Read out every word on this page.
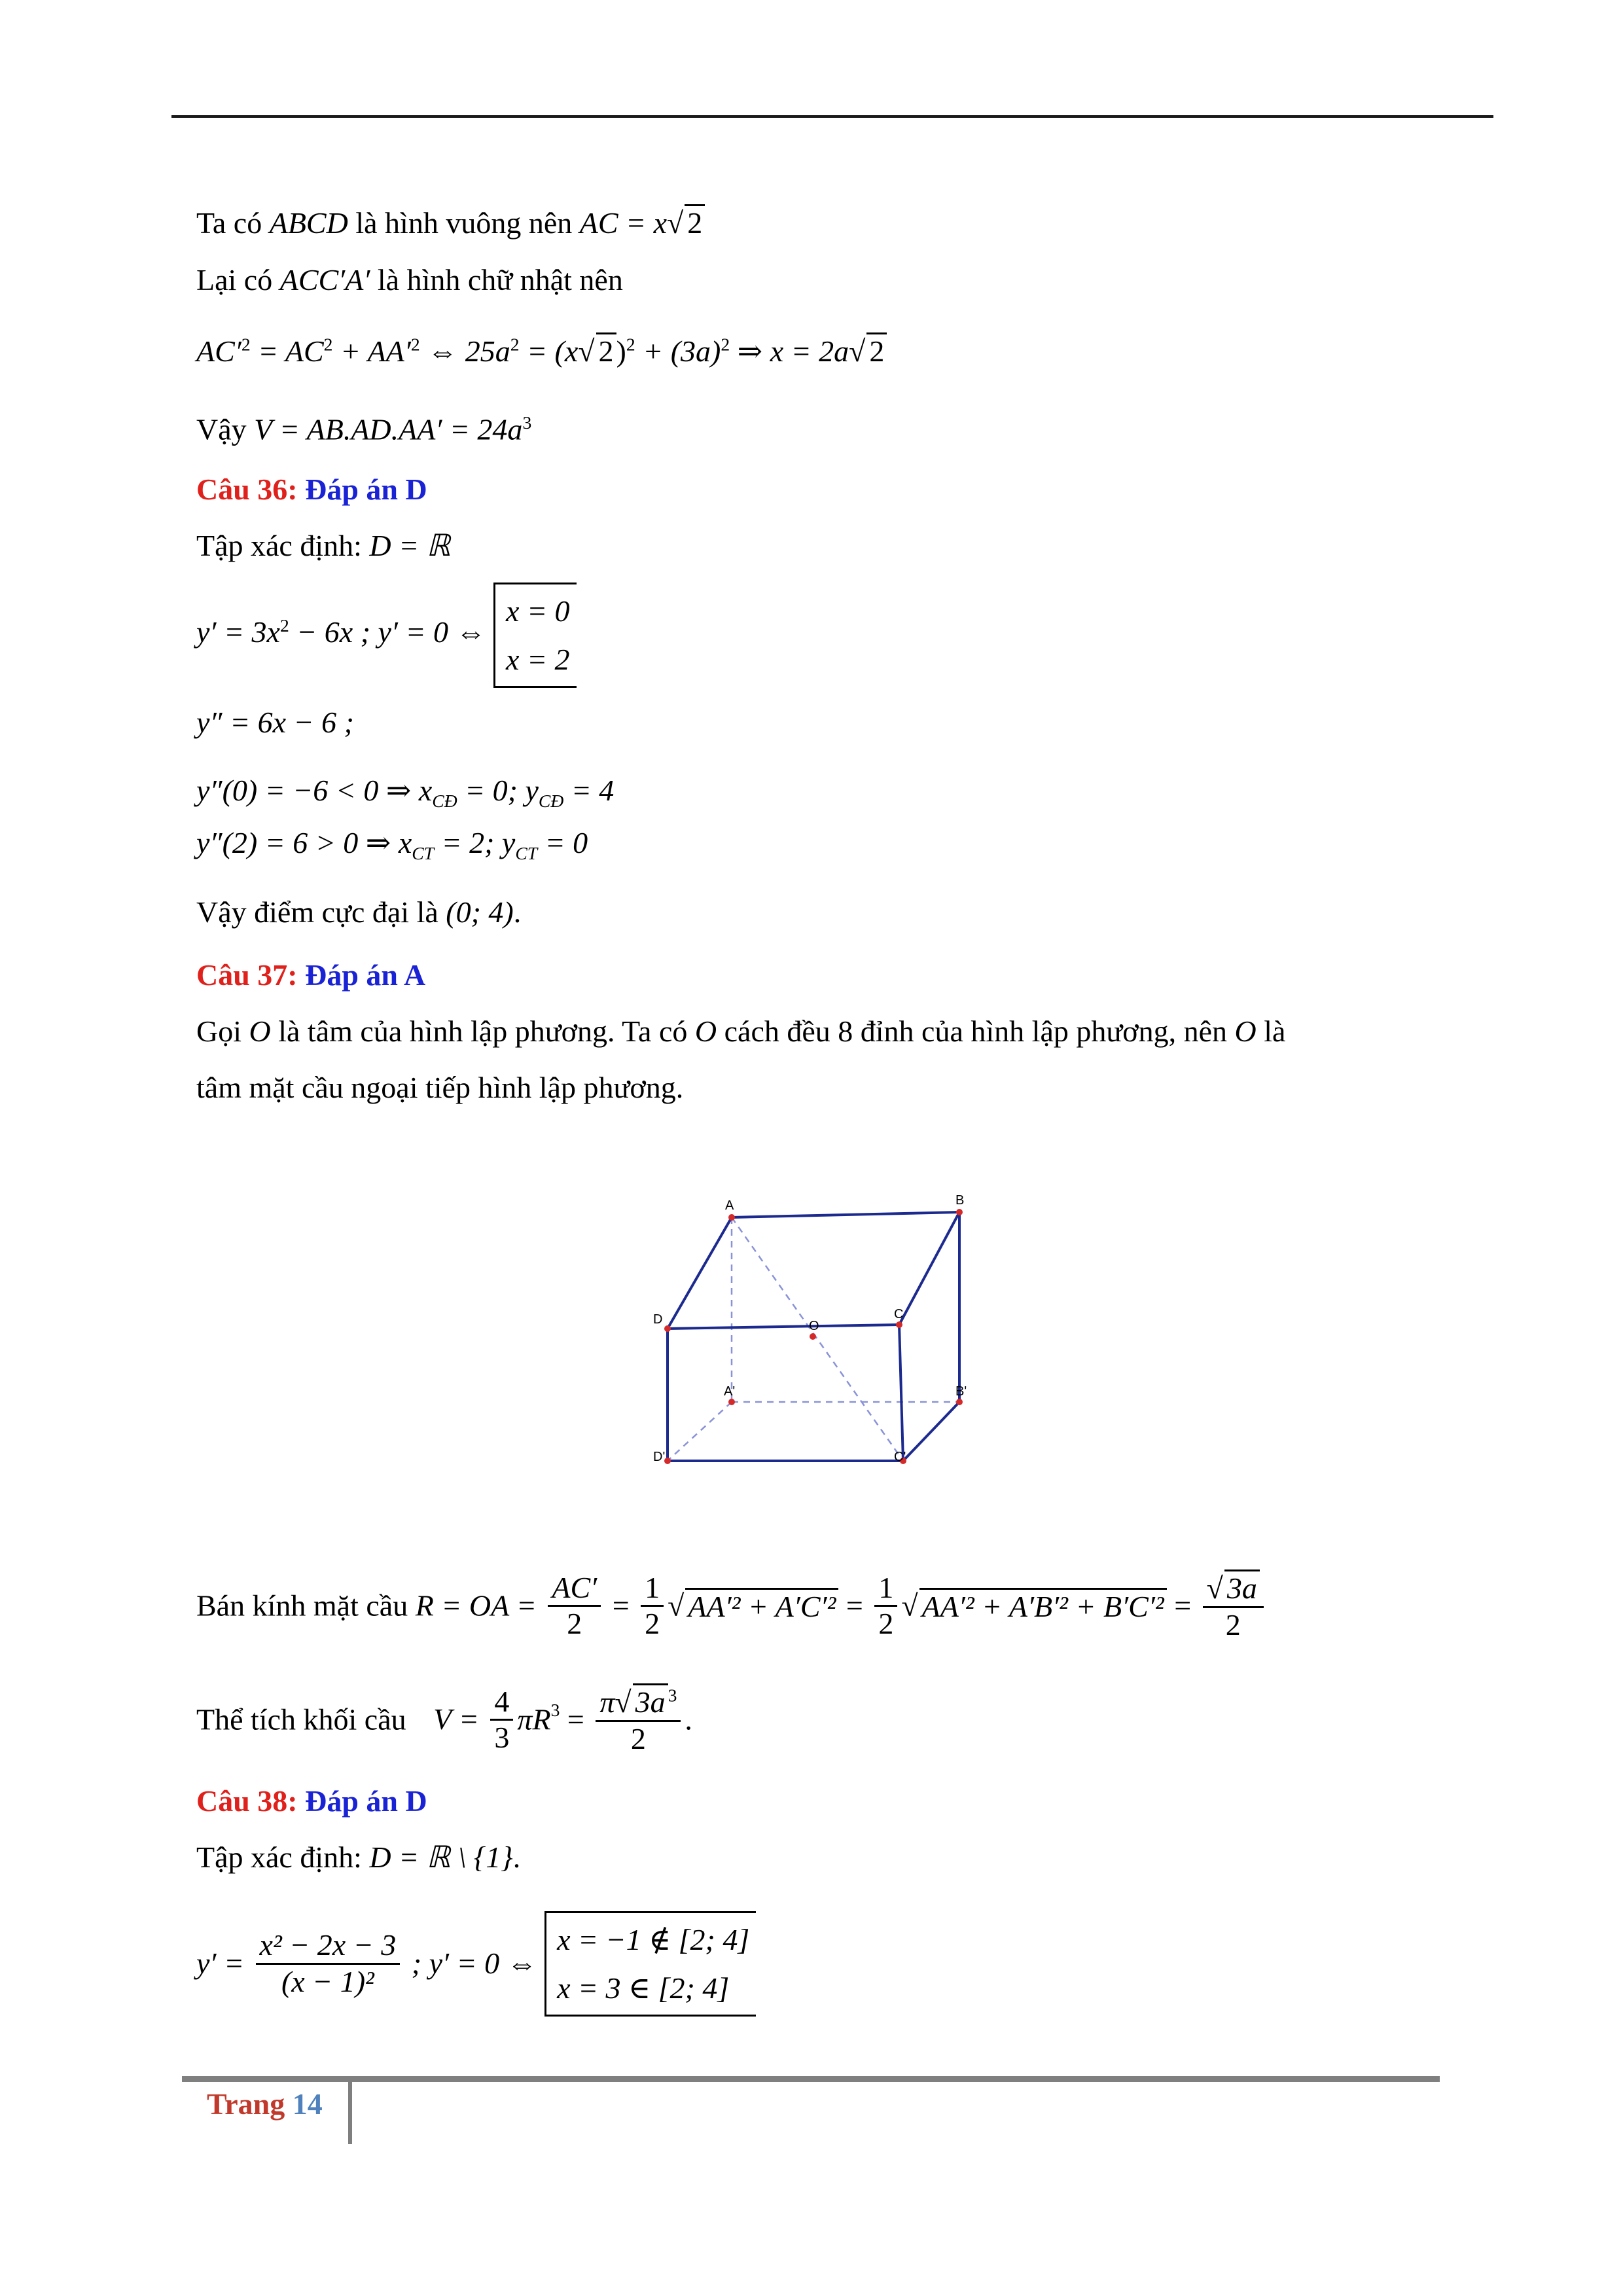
Ta có ABCD là hình vuông nên AC = x√ 2
Lại có ACC′A′ là hình chữ nhật nên
$AC'^2 = AC^2 + AA'^2$ ⇔ $25a^2 = (x√$ $2)^2 + (3a)^2$ ⇒ x = 2a√ 2
Vậy $V = AB.AD.AA' = 24a^3$
Câu 36: Đáp án D
Tập xác định: D = ℝ
$y' = 3x^2 - 6x$ ; y′ = 0 ⇔
x = 0
x = 2
y″ = 6x − 6 ;
y″(0) = −6 < 0 ⇒ $x_{CĐ} = 0$; $y_{CĐ} = 4$
y″(2) = 6 > 0 ⇒ $x_{CT} = 2$; $y_{CT} = 0$
Vậy điểm cực đại là (0; 4).
Câu 37: Đáp án A
Gọi O là tâm của hình lập phương. Ta có O cách đều 8 đỉnh của hình lập phương, nên O là
tâm mặt cầu ngoại tiếp hình lập phương.
A	B
C
D	O
A'	B'
C'
D'
Bán kính mặt cầu R = OA = $\frac{AC'}{2} = \frac{1}{2}$ √ $AA'^2 + A'C'^2 = \frac{1}{2}$ √ $AA'^2 + A'B'^2 + B'C'^2 = \frac{√ 3a}{2}$
Thể tích khối cầu $V = \frac{4}{3} \pi R^3 = \frac{\pi√ 3a ^3}{2}$ .
Câu 38: Đáp án D
Tập xác định: D = ℝ \ {1}.
$y' = \frac{\text{x² − 2x − 3}}{\text{(x − 1)²}}$ ; y′ = 0 ⇔
x = −1 ∉ [2; 4]
x = 3 ∈ [2; 4]
Trang 14
